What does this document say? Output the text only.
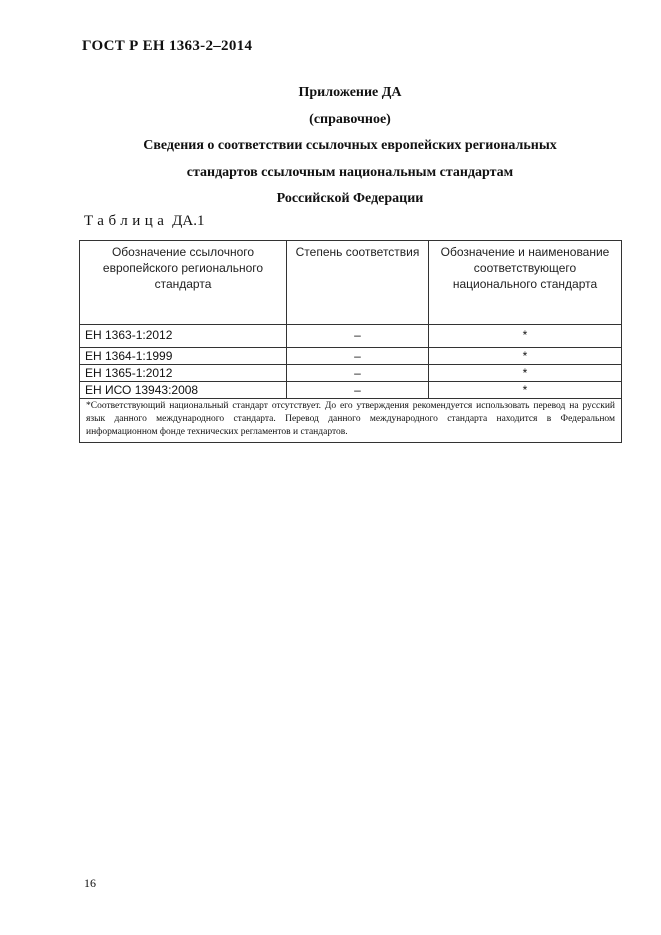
ГОСТ Р ЕН 1363-2–2014
Приложение ДА
(справочное)
Сведения о соответствии ссылочных европейских региональных
стандартов ссылочным национальным стандартам
Российской Федерации
Таблица ДА.1
Обозначение ссылочного европейского регионального стандарта	Степень соответствия	Обозначение и наименование соответствующего национального стандарта
ЕН 1363-1:2012	–	*
ЕН 1364-1:1999	–	*
ЕН 1365-1:2012	–	*
ЕН ИСО 13943:2008	–	*
*Соответствующий национальный стандарт отсутствует. До его утверждения рекомендуется использовать перевод на русский язык данного международного стандарта. Перевод данного международного стандарта находится в Федеральном информационном фонде технических регламентов и стандартов.		
16
